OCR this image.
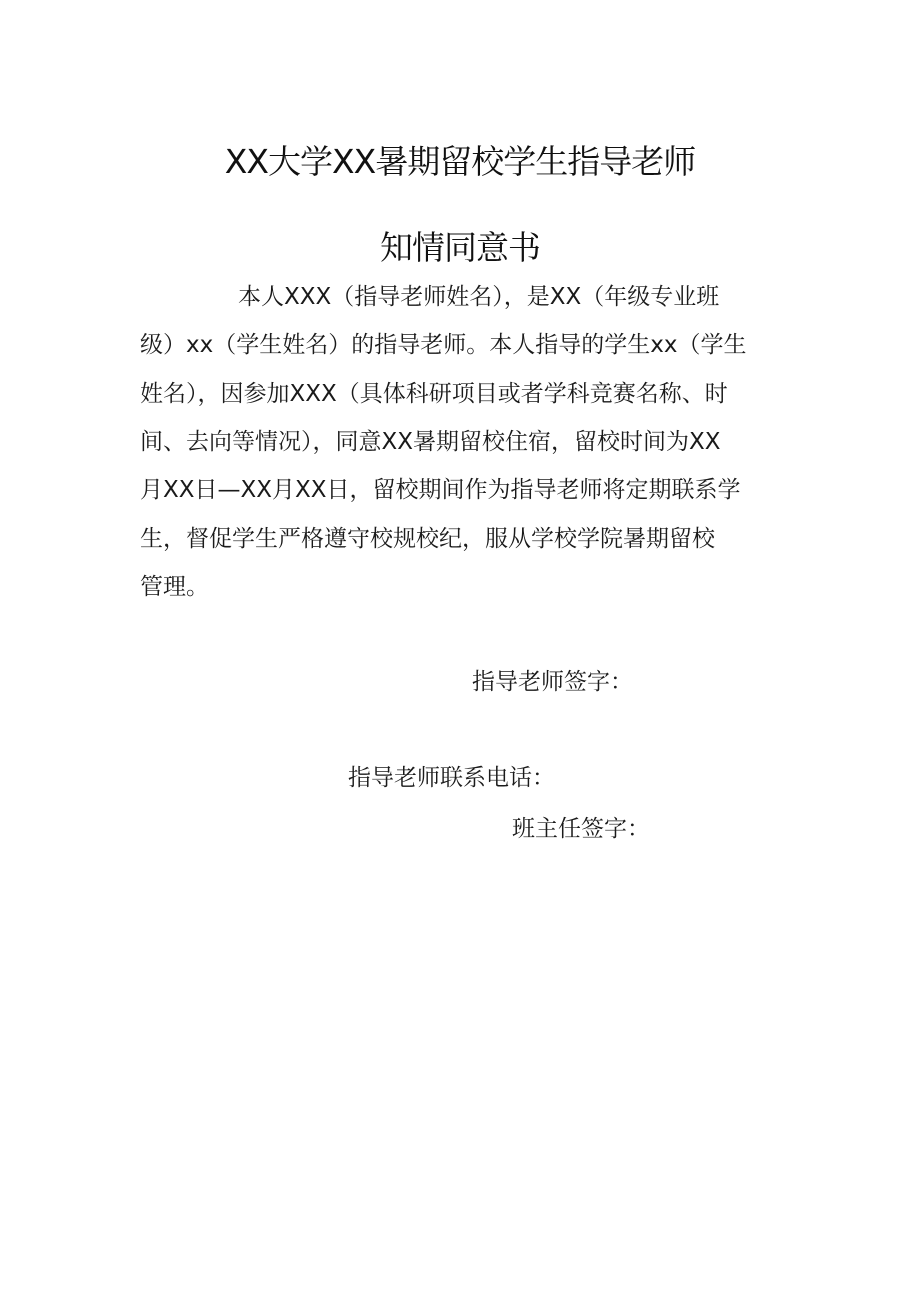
XX大学XX暑期留校学生指导老师
知情同意书
本人XXX（指导老师姓名），是XX（年级专业班
级）xx（学生姓名）的指导老师。本人指导的学生xx（学生
姓名），因参加XXX（具体科研项目或者学科竞赛名称、时
间、去向等情况），同意XX暑期留校住宿，留校时间为XX
月XX日—XX月XX日，留校期间作为指导老师将定期联系学
生，督促学生严格遵守校规校纪，服从学校学院暑期留校
管理。
指导老师签字：
指导老师联系电话：
班主任签字：
